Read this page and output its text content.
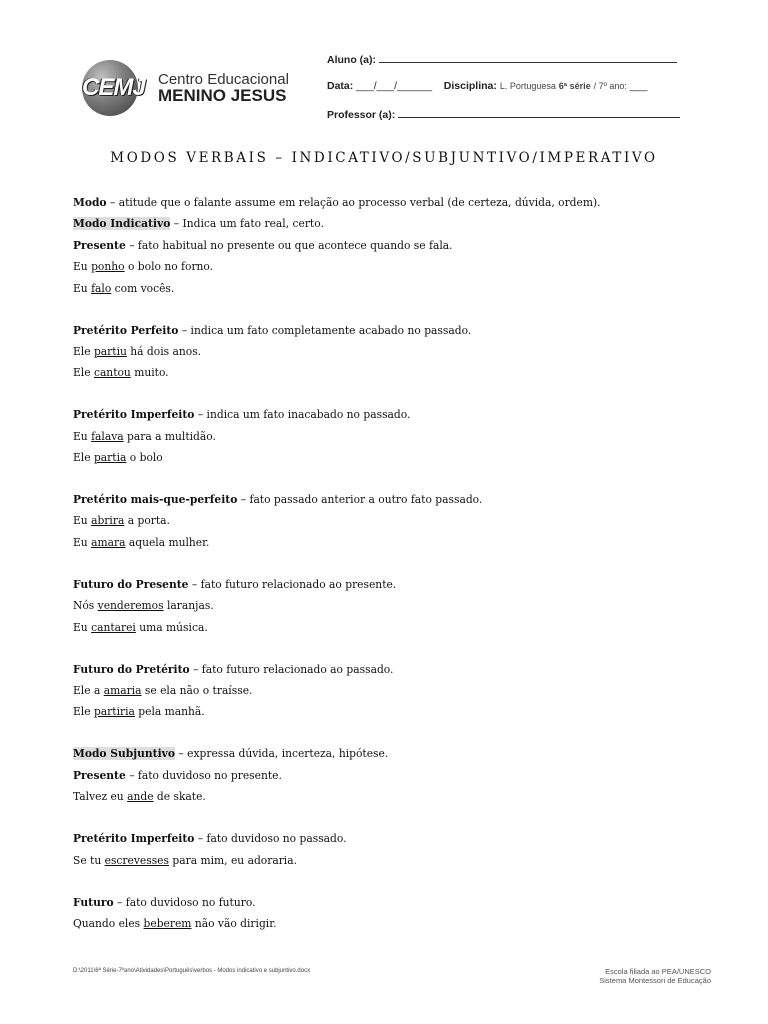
CEMJ Centro Educacional
MENINO JESUS
Aluno (a):
Data: ___/___/______ Disciplina: L. Portuguesa 6ª série / 7º ano: ___
Professor (a):
MODOS VERBAIS – INDICATIVO/SUBJUNTIVO/IMPERATIVO
Modo – atitude que o falante assume em relação ao processo verbal (de certeza, dúvida, ordem).
Modo Indicativo – Indica um fato real, certo.
Presente – fato habitual no presente ou que acontece quando se fala.
Eu ponho o bolo no forno.
Eu falo com vocês.
Pretérito Perfeito – indica um fato completamente acabado no passado.
Ele partiu há dois anos.
Ele cantou muito.
Pretérito Imperfeito – indica um fato inacabado no passado.
Eu falava para a multidão.
Ele partia o bolo
Pretérito mais-que-perfeito – fato passado anterior a outro fato passado.
Eu abrira a porta.
Eu amara aquela mulher.
Futuro do Presente – fato futuro relacionado ao presente.
Nós venderemos laranjas.
Eu cantarei uma música.
Futuro do Pretérito – fato futuro relacionado ao passado.
Ele a amaria se ela não o traísse.
Ele partiria pela manhã.
Modo Subjuntivo – expressa dúvida, incerteza, hipótese.
Presente – fato duvidoso no presente.
Talvez eu ande de skate.
Pretérito Imperfeito – fato duvidoso no passado.
Se tu escrevesses para mim, eu adoraria.
Futuro – fato duvidoso no futuro.
Quando eles beberem não vão dirigir.
D:\2011\6ª Série-7ºano\Atividades\Português\verbos - Modos indicativo e subjuntivo.docx	Escola filiada ao PEA/UNESCO
Sistema Montessori de Educação
